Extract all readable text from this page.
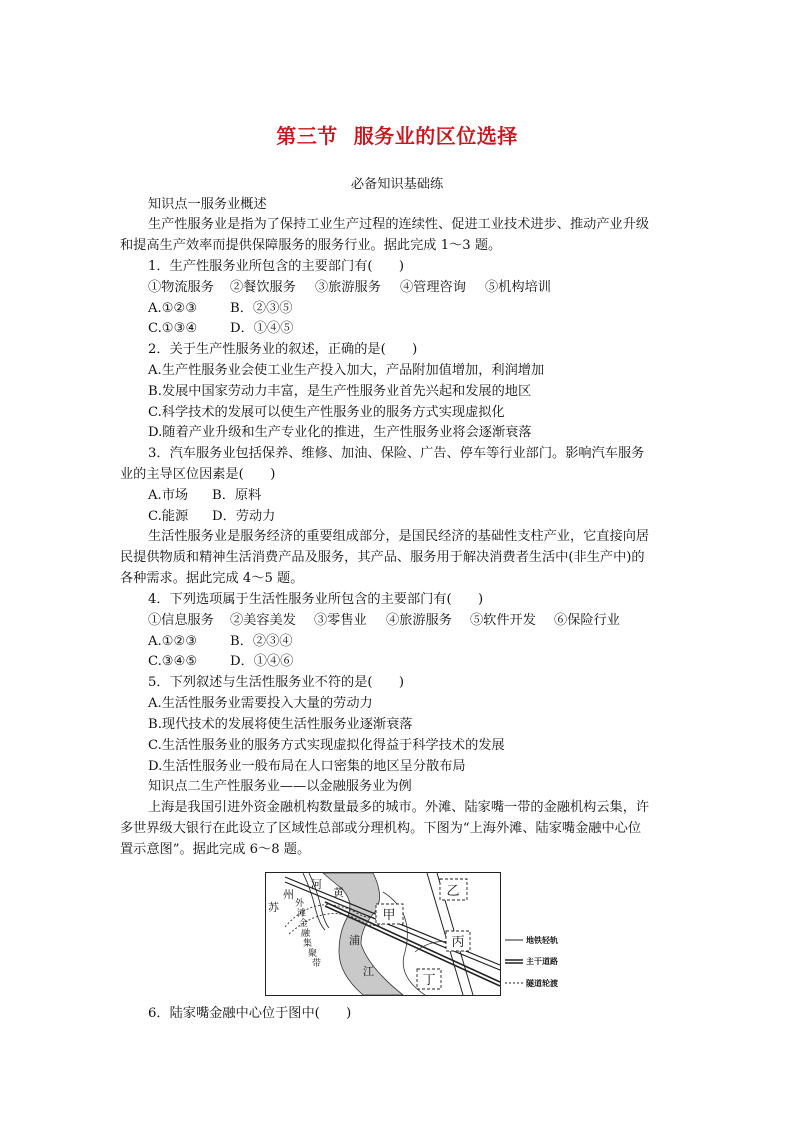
第三节 服务业的区位选择
必备知识基础练
知识点一服务业概述
生产性服务业是指为了保持工业生产过程的连续性、促进工业技术进步、推动产业升级
和提高生产效率而提供保障服务的服务行业。据此完成 1～3 题。
1．生产性服务业所包含的主要部门有(　　)
①物流服务 ②餐饮服务 ③旅游服务 ④管理咨询 ⑤机构培训
A.①②③ B．②③⑤
C.①③④ D．①④⑤
2．关于生产性服务业的叙述，正确的是(　　)
A.生产性服务业会使工业生产投入加大，产品附加值增加，利润增加
B.发展中国家劳动力丰富，是生产性服务业首先兴起和发展的地区
C.科学技术的发展可以使生产性服务业的服务方式实现虚拟化
D.随着产业升级和生产专业化的推进，生产性服务业将会逐渐衰落
3．汽车服务业包括保养、维修、加油、保险、广告、停车等行业部门。影响汽车服务
业的主导区位因素是(　　)
A.市场 B．原料
C.能源 D．劳动力
生活性服务业是服务经济的重要组成部分，是国民经济的基础性支柱产业，它直接向居
民提供物质和精神生活消费产品及服务，其产品、服务用于解决消费者生活中(非生产中)的
各种需求。据此完成 4～5 题。
4．下列选项属于生活性服务业所包含的主要部门有(　　)
①信息服务 ②美容美发 ③零售业 ④旅游服务 ⑤软件开发 ⑥保险行业
A.①②③ B．②③④
C.③④⑤ D．①④⑥
5．下列叙述与生活性服务业不符的是(　　)
A.生活性服务业需要投入大量的劳动力
B.现代技术的发展将使生活性服务业逐渐衰落
C.生活性服务业的服务方式实现虚拟化得益于科学技术的发展
D.生活性服务业一般布局在人口密集的地区呈分散布局
知识点二生产性服务业——以金融服务业为例
上海是我国引进外资金融机构数量最多的城市。外滩、陆家嘴一带的金融机构云集，许
多世界级大银行在此设立了区域性总部或分理机构。下图为“上海外滩、陆家嘴金融中心位
置示意图”。据此完成 6～8 题。
乙
甲
丙
丁
黄
浦
江
苏
州
河
外
滩
金
融
集
聚
带
地铁轻轨
主干道路
隧道轮渡
6．陆家嘴金融中心位于图中(　　)
